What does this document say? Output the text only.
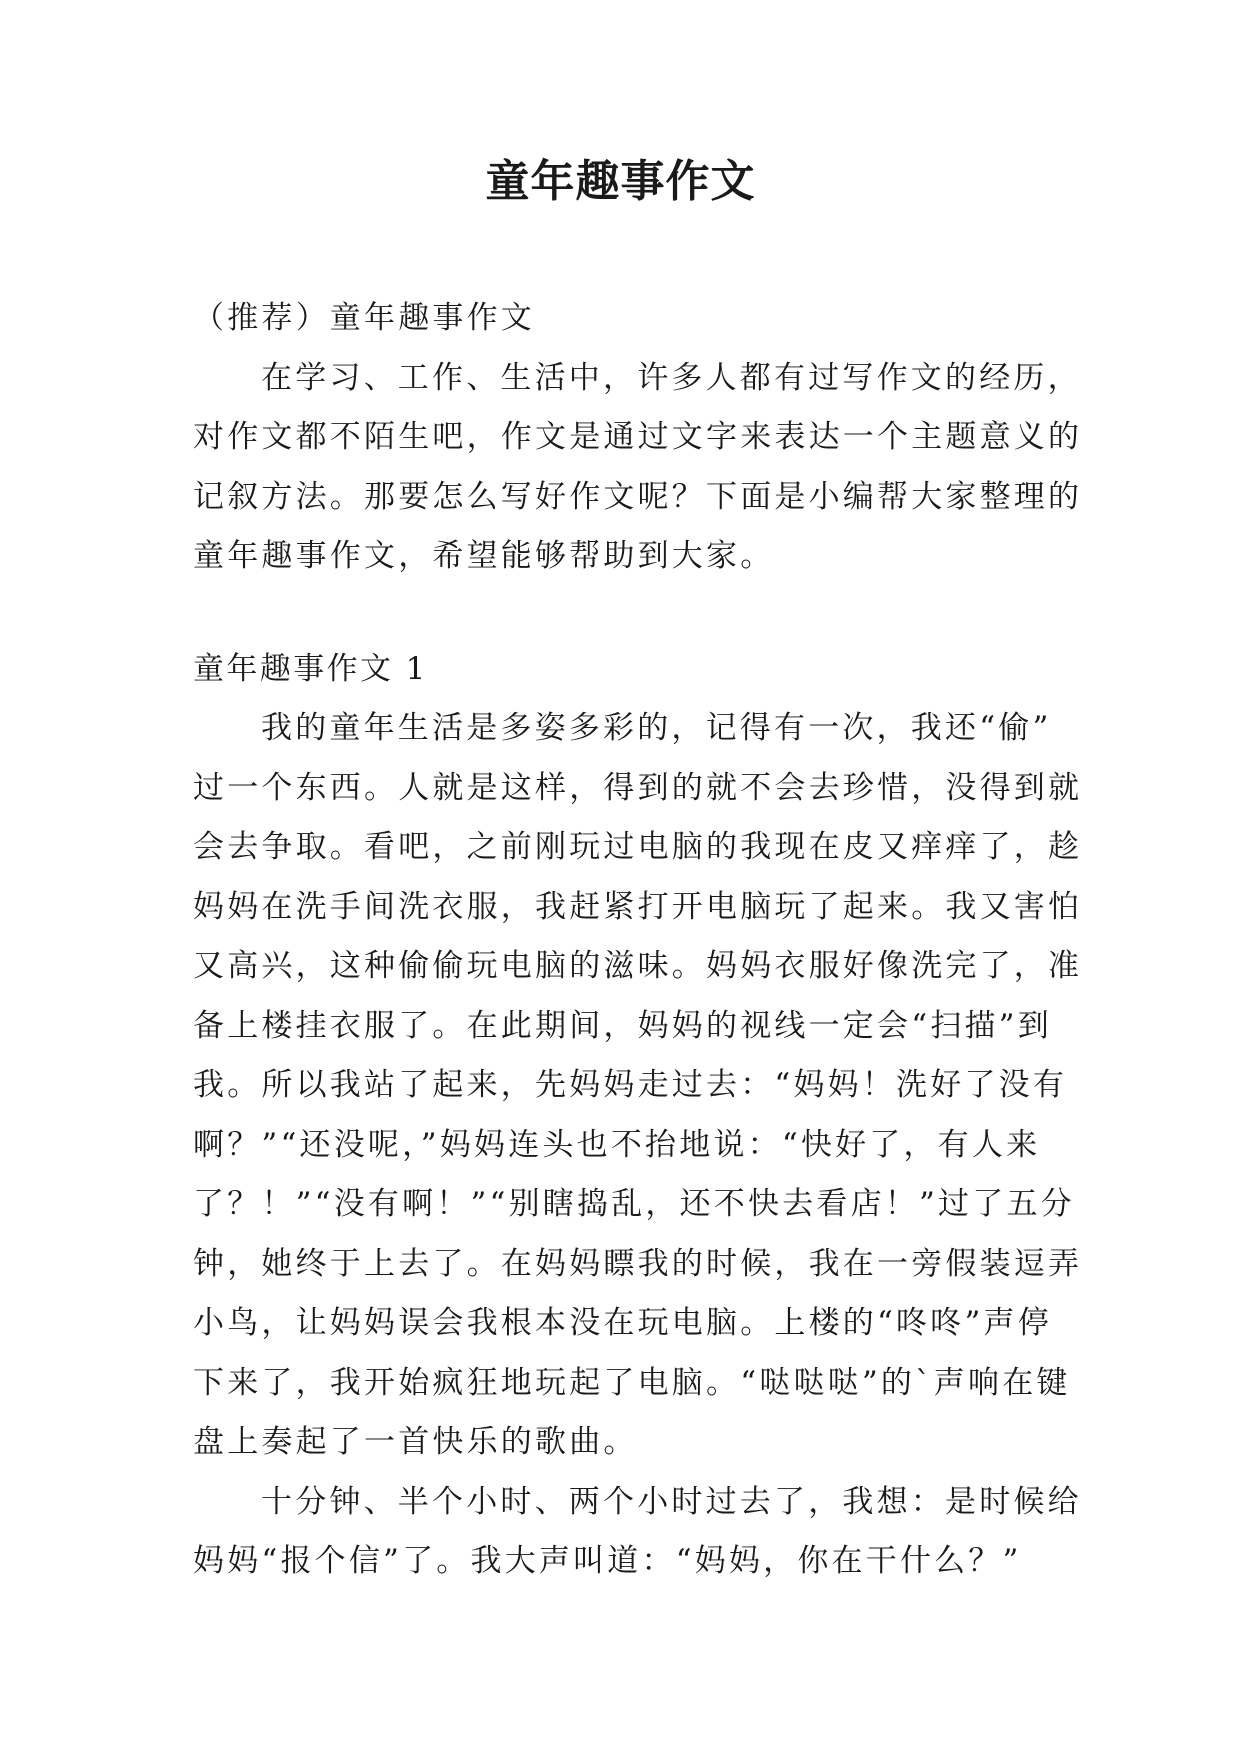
童年趣事作文
（推荐）童年趣事作文
在学习、工作、生活中，许多人都有过写作文的经历，
对作文都不陌生吧，作文是通过文字来表达一个主题意义的
记叙方法。那要怎么写好作文呢？下面是小编帮大家整理的
童年趣事作文，希望能够帮助到大家。
童年趣事作文 1
我的童年生活是多姿多彩的，记得有一次，我还“偷”
过一个东西。人就是这样，得到的就不会去珍惜，没得到就
会去争取。看吧，之前刚玩过电脑的我现在皮又痒痒了，趁
妈妈在洗手间洗衣服，我赶紧打开电脑玩了起来。我又害怕
又高兴，这种偷偷玩电脑的滋味。妈妈衣服好像洗完了，准
备上楼挂衣服了。在此期间，妈妈的视线一定会“扫描”到
我。所以我站了起来，先妈妈走过去：“妈妈！洗好了没有
啊？”“还没呢，”妈妈连头也不抬地说：“快好了，有人来
了？！”“没有啊！”“别瞎捣乱，还不快去看店！”过了五分
钟，她终于上去了。在妈妈瞟我的时候，我在一旁假装逗弄
小鸟，让妈妈误会我根本没在玩电脑。上楼的“咚咚”声停
下来了，我开始疯狂地玩起了电脑。“哒哒哒”的`声响在键
盘上奏起了一首快乐的歌曲。
十分钟、半个小时、两个小时过去了，我想：是时候给
妈妈“报个信”了。我大声叫道：“妈妈，你在干什么？”
